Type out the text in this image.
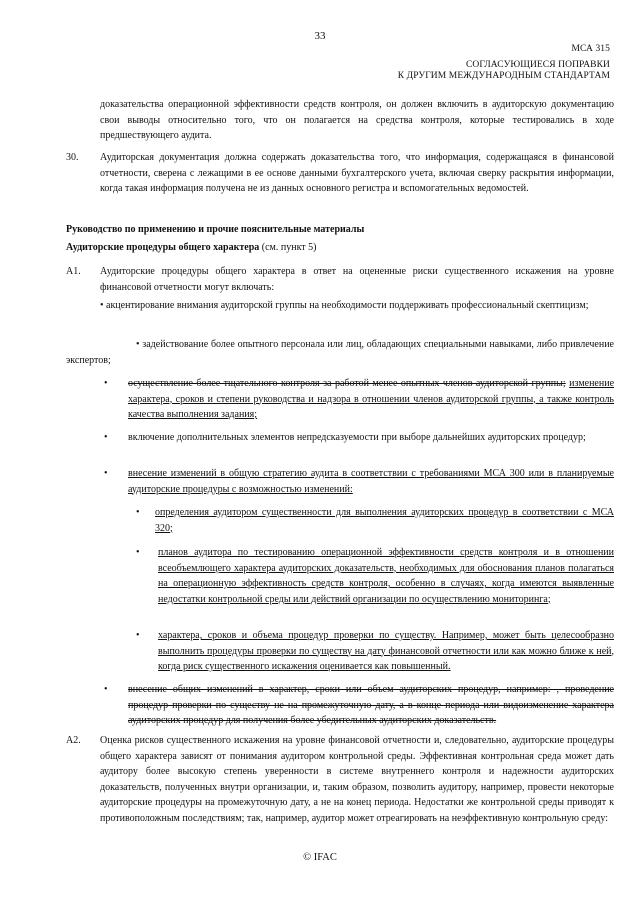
33
МСА 315
СОГЛАСУЮЩИЕСЯ ПОПРАВКИ
К ДРУГИМ МЕЖДУНАРОДНЫМ СТАНДАРТАМ
доказательства операционной эффективности средств контроля, он должен включить в аудиторскую документацию свои выводы относительно того, что он полагается на средства контроля, которые тестировались в ходе предшествующего аудита.
30. Аудиторская документация должна содержать доказательства того, что информация, содержащаяся в финансовой отчетности, сверена с лежащими в ее основе данными бухгалтерского учета, включая сверку раскрытия информации, когда такая информация получена не из данных основного регистра и вспомогательных ведомостей.
Руководство по применению и прочие пояснительные материалы
Аудиторские процедуры общего характера (см. пункт 5)
А1. Аудиторские процедуры общего характера в ответ на оцененные риски существенного искажения на уровне финансовой отчетности могут включать:
• акцентирование внимания аудиторской группы на необходимости поддерживать профессиональный скептицизм;
• задействование более опытного персонала или лиц, обладающих специальными навыками, либо привлечение экспертов;
• осуществление более тщательного контроля за работой менее опытных членов аудиторской группы; изменение характера, сроков и степени руководства и надзора в отношении членов аудиторской группы, а также контроль качества выполнения задания;
• включение дополнительных элементов непредсказуемости при выборе дальнейших аудиторских процедур;
• внесение изменений в общую стратегию аудита в соответствии с требованиями МСА 300 или в планируемые аудиторские процедуры с возможностью изменений:
• определения аудитором существенности для выполнения аудиторских процедур в соответствии с МСА 320;
• планов аудитора по тестированию операционной эффективности средств контроля и в отношении всеобъемлющего характера аудиторских доказательств, необходимых для обоснования планов полагаться на операционную эффективность средств контроля, особенно в случаях, когда имеются выявленные недостатки контрольной среды или действий организации по осуществлению мониторинга;
• характера, сроков и объема процедур проверки по существу. Например, может быть целесообразно выполнить процедуры проверки по существу на дату финансовой отчетности или как можно ближе к ней, когда риск существенного искажения оценивается как повышенный.
• внесение общих изменений в характер, сроки или объем аудиторских процедур, например: , проведение процедур проверки по существу не на промежуточную дату, а в конце периода или видоизменение характера аудиторских процедур для получения более убедительных аудиторских доказательств.
А2. Оценка рисков существенного искажения на уровне финансовой отчетности и, следовательно, аудиторские процедуры общего характера зависят от понимания аудитором контрольной среды. Эффективная контрольная среда может дать аудитору более высокую степень уверенности в системе внутреннего контроля и надежности аудиторских доказательств, полученных внутри организации, и, таким образом, позволить аудитору, например, провести некоторые аудиторские процедуры на промежуточную дату, а не на конец периода. Недостатки же контрольной среды приводят к противоположным последствиям; так, например, аудитор может отреагировать на неэффективную контрольную среду:
© IFAC
